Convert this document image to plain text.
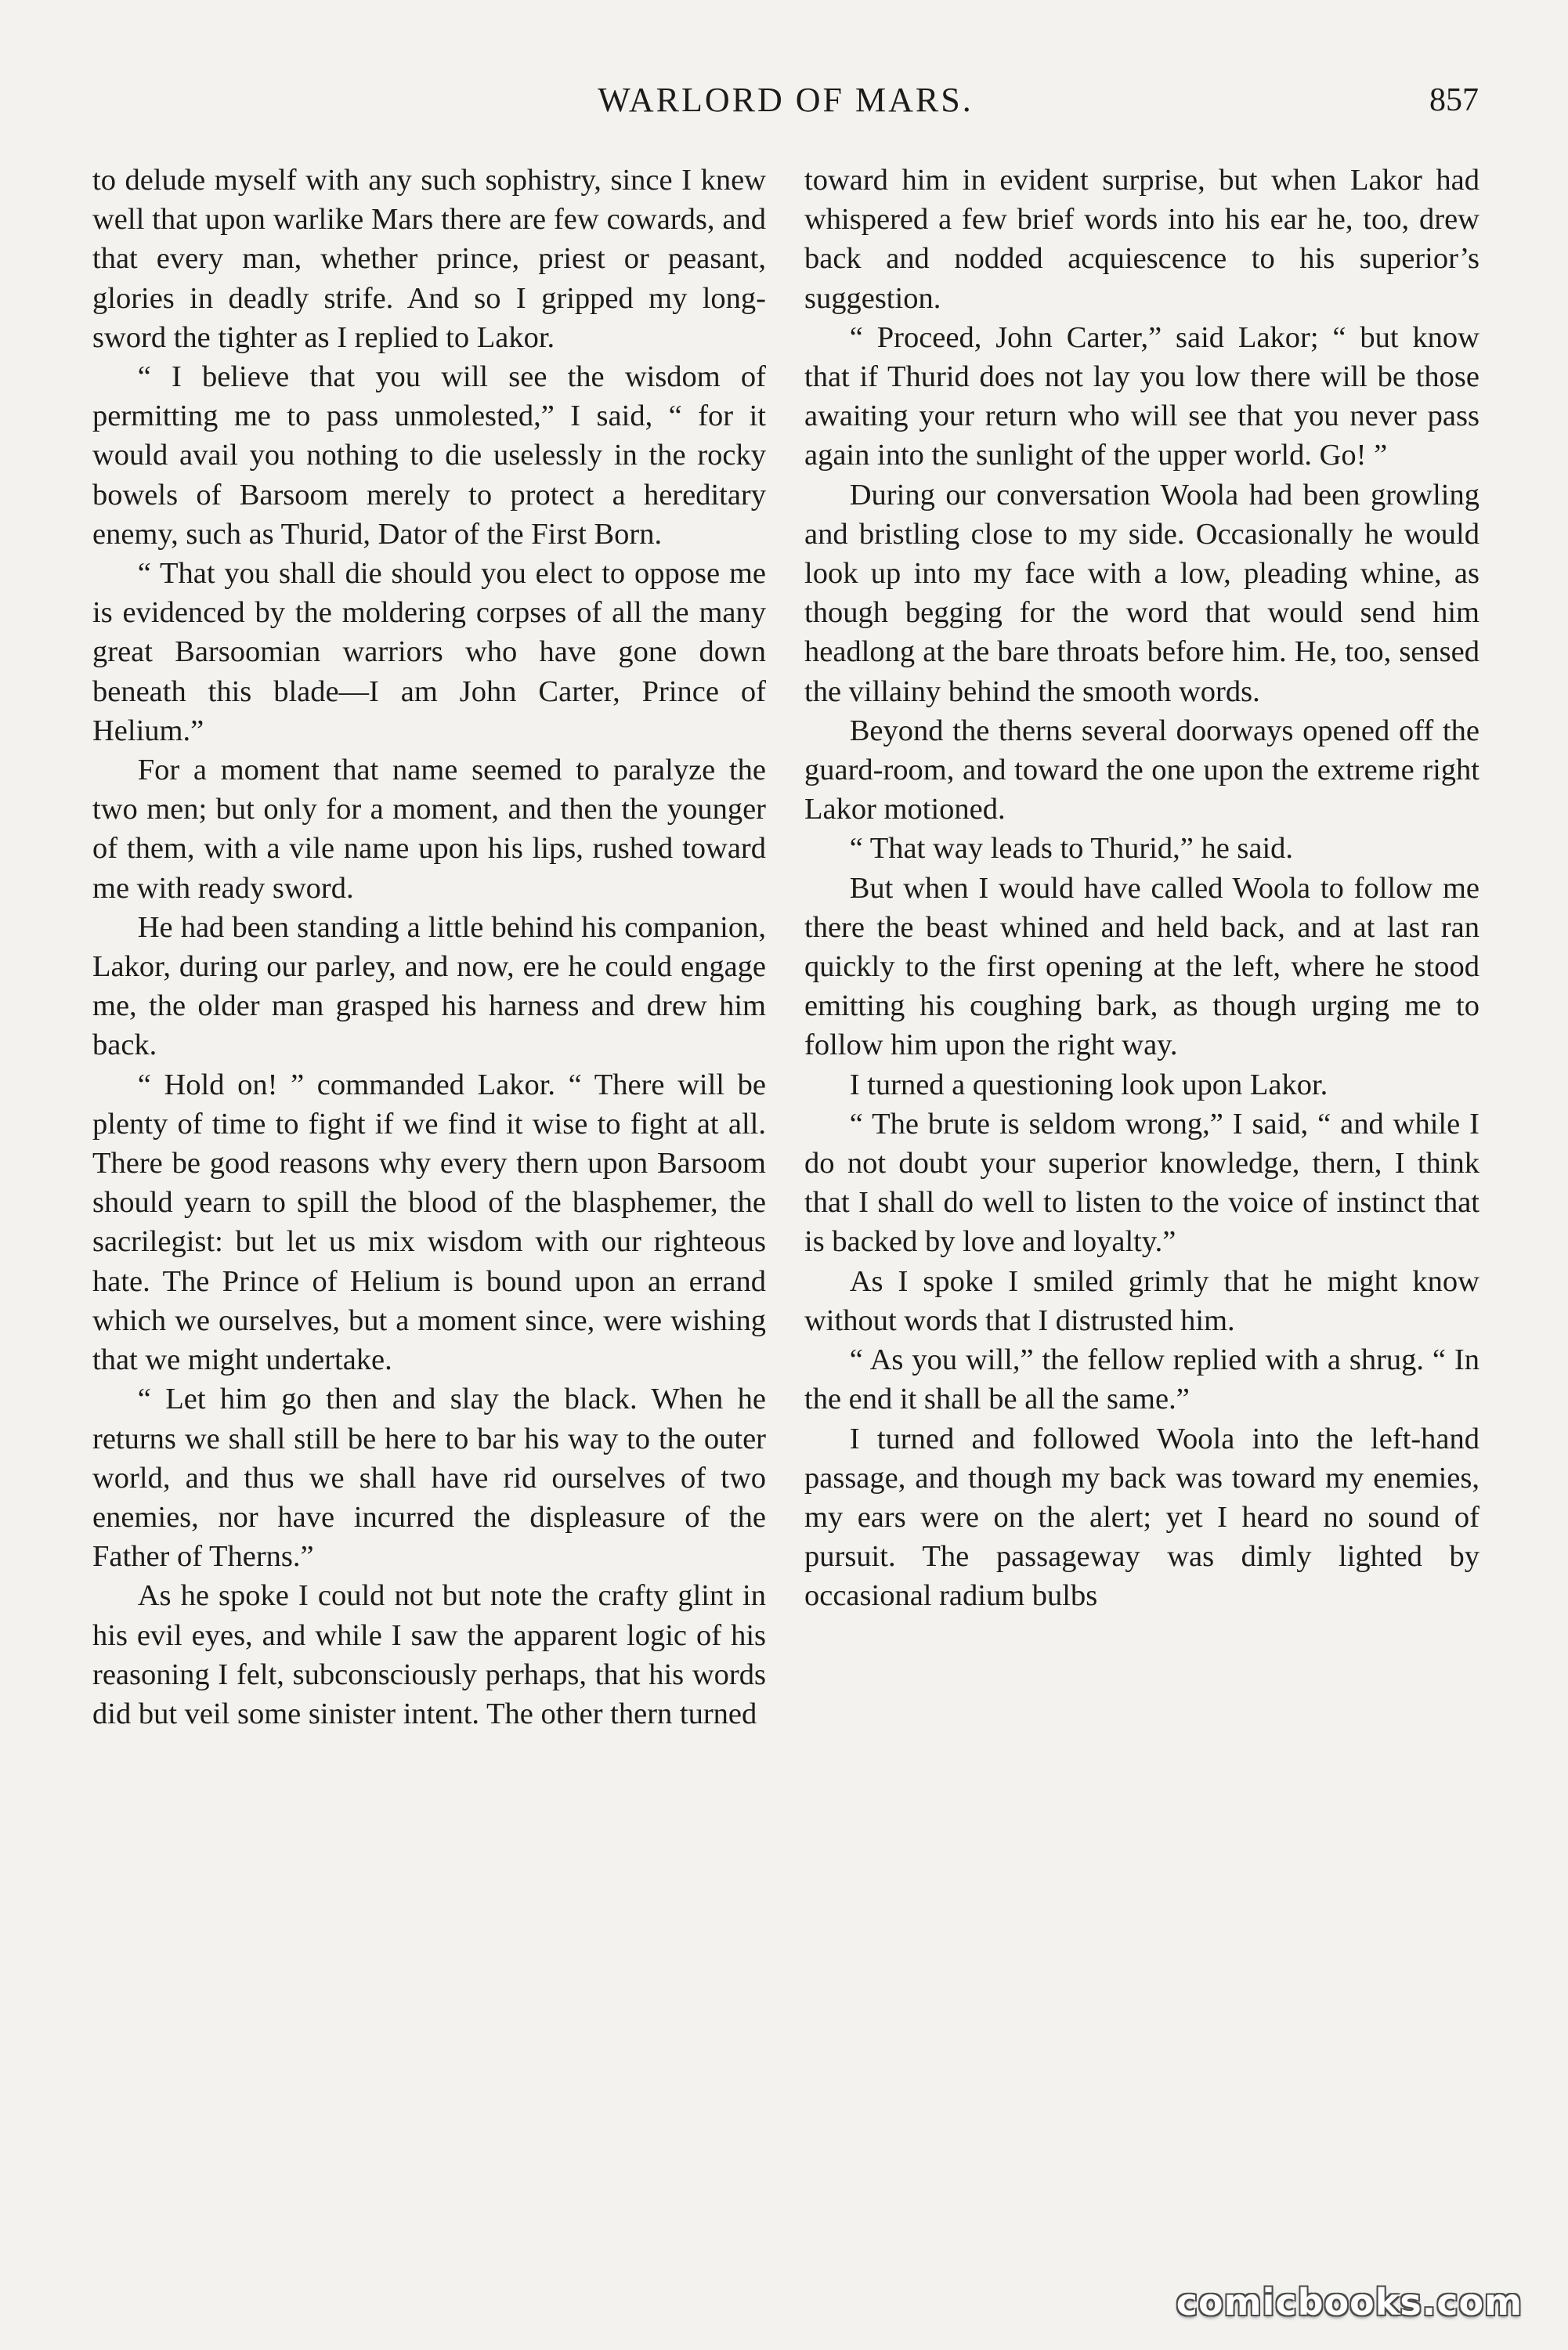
WARLORD OF MARS.	857

to delude myself with any such sophistry, since I knew well that upon warlike Mars there are few cowards, and that every man, whether prince, priest or peasant, glories in deadly strife. And so I gripped my long-sword the tighter as I replied to Lakor.

“ I believe that you will see the wisdom of permitting me to pass unmolested,” I said, “ for it would avail you nothing to die uselessly in the rocky bowels of Barsoom merely to protect a hereditary enemy, such as Thurid, Dator of the First Born.

“ That you shall die should you elect to oppose me is evidenced by the moldering corpses of all the many great Barsoomian warriors who have gone down beneath this blade—I am John Carter, Prince of Helium.”

For a moment that name seemed to paralyze the two men; but only for a moment, and then the younger of them, with a vile name upon his lips, rushed toward me with ready sword.

He had been standing a little behind his companion, Lakor, during our parley, and now, ere he could engage me, the older man grasped his harness and drew him back.

“ Hold on! ” commanded Lakor. “ There will be plenty of time to fight if we find it wise to fight at all. There be good reasons why every thern upon Barsoom should yearn to spill the blood of the blasphemer, the sacrilegist: but let us mix wisdom with our righteous hate. The Prince of Helium is bound upon an errand which we ourselves, but a moment since, were wishing that we might undertake.

“ Let him go then and slay the black. When he returns we shall still be here to bar his way to the outer world, and thus we shall have rid ourselves of two enemies, nor have incurred the displeasure of the Father of Therns.”

As he spoke I could not but note the crafty glint in his evil eyes, and while I saw the apparent logic of his reasoning I felt, subconsciously perhaps, that his words did but veil some sinister intent. The other thern turned

toward him in evident surprise, but when Lakor had whispered a few brief words into his ear he, too, drew back and nodded acquiescence to his superior’s suggestion.

“ Proceed, John Carter,” said Lakor; “ but know that if Thurid does not lay you low there will be those awaiting your return who will see that you never pass again into the sunlight of the upper world. Go! ”

During our conversation Woola had been growling and bristling close to my side. Occasionally he would look up into my face with a low, pleading whine, as though begging for the word that would send him headlong at the bare throats before him. He, too, sensed the villainy behind the smooth words.

Beyond the therns several doorways opened off the guard-room, and toward the one upon the extreme right Lakor motioned.

“ That way leads to Thurid,” he said.

But when I would have called Woola to follow me there the beast whined and held back, and at last ran quickly to the first opening at the left, where he stood emitting his coughing bark, as though urging me to follow him upon the right way.

I turned a questioning look upon Lakor.

“ The brute is seldom wrong,” I said, “ and while I do not doubt your superior knowledge, thern, I think that I shall do well to listen to the voice of instinct that is backed by love and loyalty.”

As I spoke I smiled grimly that he might know without words that I distrusted him.

“ As you will,” the fellow replied with a shrug. “ In the end it shall be all the same.”

I turned and followed Woola into the left-hand passage, and though my back was toward my enemies, my ears were on the alert; yet I heard no sound of pursuit. The passageway was dimly lighted by occasional radium bulbs

comicbooks.com
